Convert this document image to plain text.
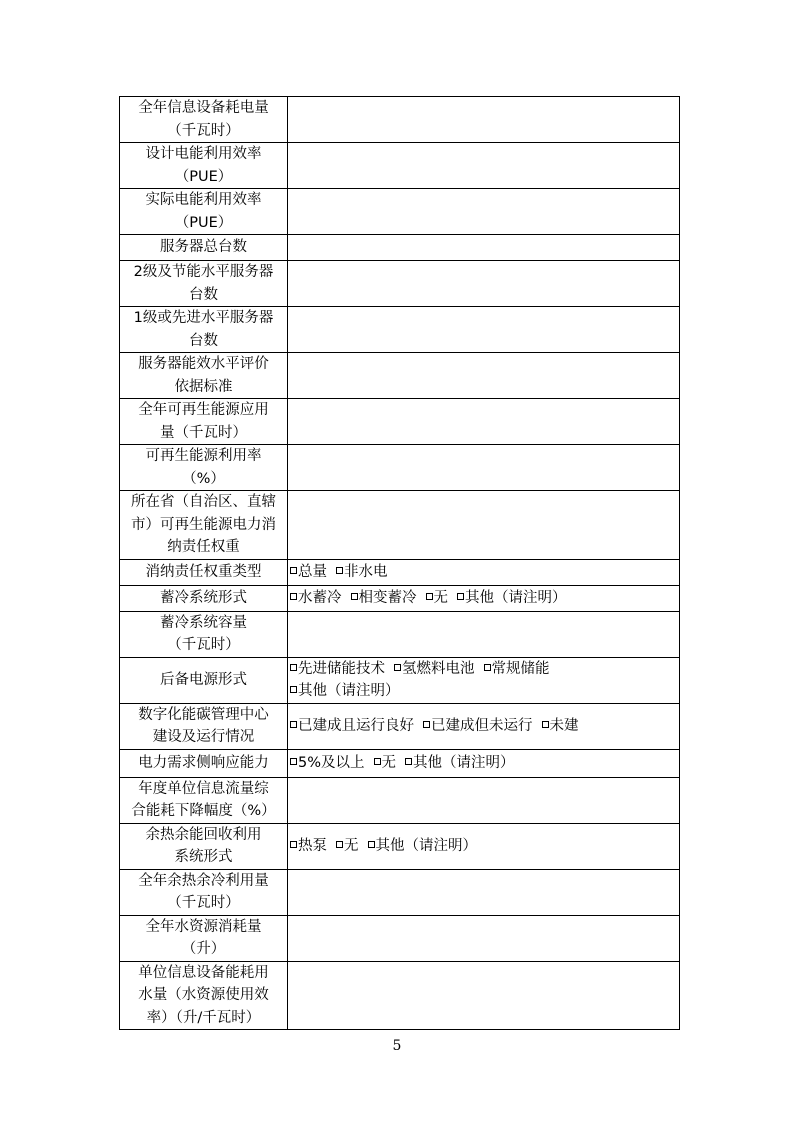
全年信息设备耗电量
（千瓦时）	

设计电能利用效率
（PUE）	

实际电能利用效率
（PUE）	

服务器总台数	

2级及节能水平服务器
台数	

1级或先进水平服务器
台数	

服务器能效水平评价
依据标准	

全年可再生能源应用
量（千瓦时）	

可再生能源利用率
（%）	

所在省（自治区、直辖
市）可再生能源电力消
纳责任权重	

消纳责任权重类型	总量 非水电
蓄冷系统形式	水蓄冷 相变蓄冷 无 其他（请注明）

蓄冷系统容量
（千瓦时）	

后备电源形式	先进储能技术 氢燃料电池 常规储能
其他（请注明）

数字化能碳管理中心
建设及运行情况	已建成且运行良好 已建成但未运行 未建
电力需求侧响应能力	5%及以上 无 其他（请注明）

年度单位信息流量综
合能耗下降幅度（%）	

余热余能回收利用
系统形式	热泵 无 其他（请注明）

全年余热余冷利用量
（千瓦时）	

全年水资源消耗量
（升）	

单位信息设备能耗用
水量（水资源使用效
率）（升/千瓦时）	

5
